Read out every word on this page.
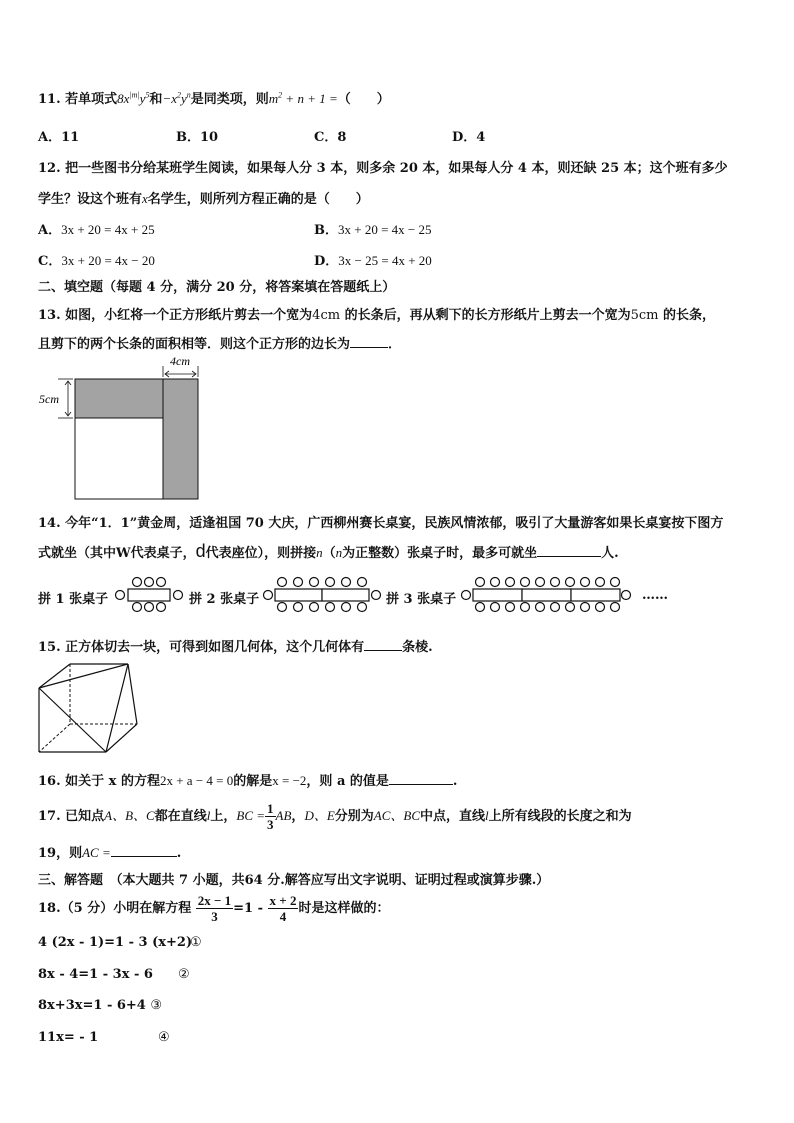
11. 若单项式$8x^{|m|}y^5$和$-x^2y^n$是同类项，则$m^2 + n + 1$ =（　　）
A．11	B．10	C．8	D．4
12. 把一些图书分给某班学生阅读，如果每人分 3 本，则多余 20 本，如果每人分 4 本，则还缺 25 本；这个班有多少
学生？设这个班有x名学生，则所列方程正确的是（　　）
A．3x + 20 = 4x + 25	B．3x + 20 = 4x − 25
C．3x + 20 = 4x − 20	D．3x − 25 = 4x + 20
二、填空题（每题 4 分，满分 20 分，将答案填在答题纸上）
13. 如图，小红将一个正方形纸片剪去一个宽为4cm 的长条后，再从剩下的长方形纸片上剪去一个宽为5cm 的长条，
且剪下的两个长条的面积相等．则这个正方形的边长为	．
4cm
5cm
14. 今年“1．1”黄金周，适逢祖国 70 大庆，广西柳州赛长桌宴，民族风情浓郁，吸引了大量游客如果长桌宴按下图方
式就坐（其中W代表桌子，d代表座位），则拼接n（n为正整数）张桌子时，最多可就坐	人.
拼 1 张桌子	拼 2 张桌子	拼 3 张桌子	……
15. 正方体切去一块，可得到如图几何体，这个几何体有	条棱.
16. 如关于 x 的方程2x + a − 4 = 0的解是x = −2，则 a 的值是	.
17. 已知点A、B、C都在直线l上，BC = $\frac{1}{3}$ AB，D、E分别为AC、BC中点，直线l上所有线段的长度之和为
19，则AC =	.
三、解答题　（本大题共 7 小题，共64 分.解答应写出文字说明、证明过程或演算步骤.）
18.（5 分）小明在解方程 $\frac{2x - 1}{3} =1 - \frac{x + 2}{4}$ 时是这样做的：
4 (2x - 1)=1 - 3 (x+2)
①
8x - 4=1 - 3x - 6 ②
8x+3x=1 - 6+4 ③
11x= - 1	④
